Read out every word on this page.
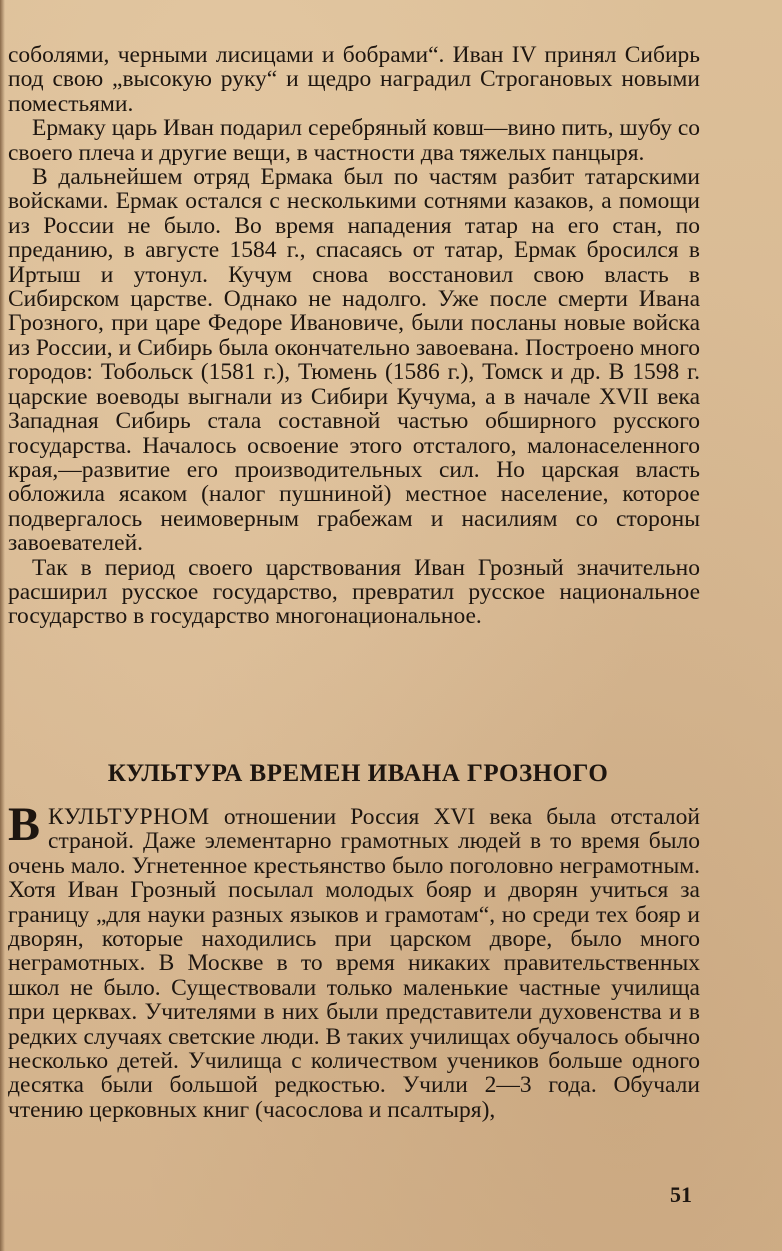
соболями, черными лисицами и бобрами“. Иван IV принял Сибирь под свою „высокую руку“ и щедро наградил Строгановых новыми поместьями.

Ермаку царь Иван подарил серебряный ковш—вино пить, шубу со своего плеча и другие вещи, в частности два тяжелых панцыря.

В дальнейшем отряд Ермака был по частям разбит татарскими войсками. Ермак остался с несколькими сотнями казаков, а помощи из России не было. Во время нападения татар на его стан, по преданию, в августе 1584 г., спасаясь от татар, Ермак бросился в Иртыш и утонул. Кучум снова восстановил свою власть в Сибирском царстве. Однако не надолго. Уже после смерти Ивана Грозного, при царе Федоре Ивановиче, были посланы новые войска из России, и Сибирь была окончательно завоевана. Построено много городов: Тобольск (1581 г.), Тюмень (1586 г.), Томск и др. В 1598 г. царские воеводы выгнали из Сибири Кучума, а в начале XVII века Западная Сибирь стала составной частью обширного русского государства. Началось освоение этого отсталого, малонаселенного края,—развитие его производительных сил. Но царская власть обложила ясаком (налог пушниной) местное население, которое подвергалось неимоверным грабежам и насилиям со стороны завоевателей.

Так в период своего царствования Иван Грозный значительно расширил русское государство, превратил русское национальное государство в государство многонациональное.

КУЛЬТУРА ВРЕМЕН ИВАНА ГРОЗНОГО

ВКУЛЬТУРНОМ отношении Россия XVI века была отсталой страной. Даже элементарно грамотных людей в то время было очень мало. Угнетенное крестьянство было поголовно неграмотным. Хотя Иван Грозный посылал молодых бояр и дворян учиться за границу „для науки разных языков и грамотам“, но среди тех бояр и дворян, которые находились при царском дворе, было много неграмотных. В Москве в то время никаких правительственных школ не было. Существовали только маленькие частные училища при церквах. Учителями в них были представители духовенства и в редких случаях светские люди. В таких училищах обучалось обычно несколько детей. Училища с количеством учеников больше одного десятка были большой редкостью. Учили 2—3 года. Обучали чтению церковных книг (часослова и псалтыря),

51
